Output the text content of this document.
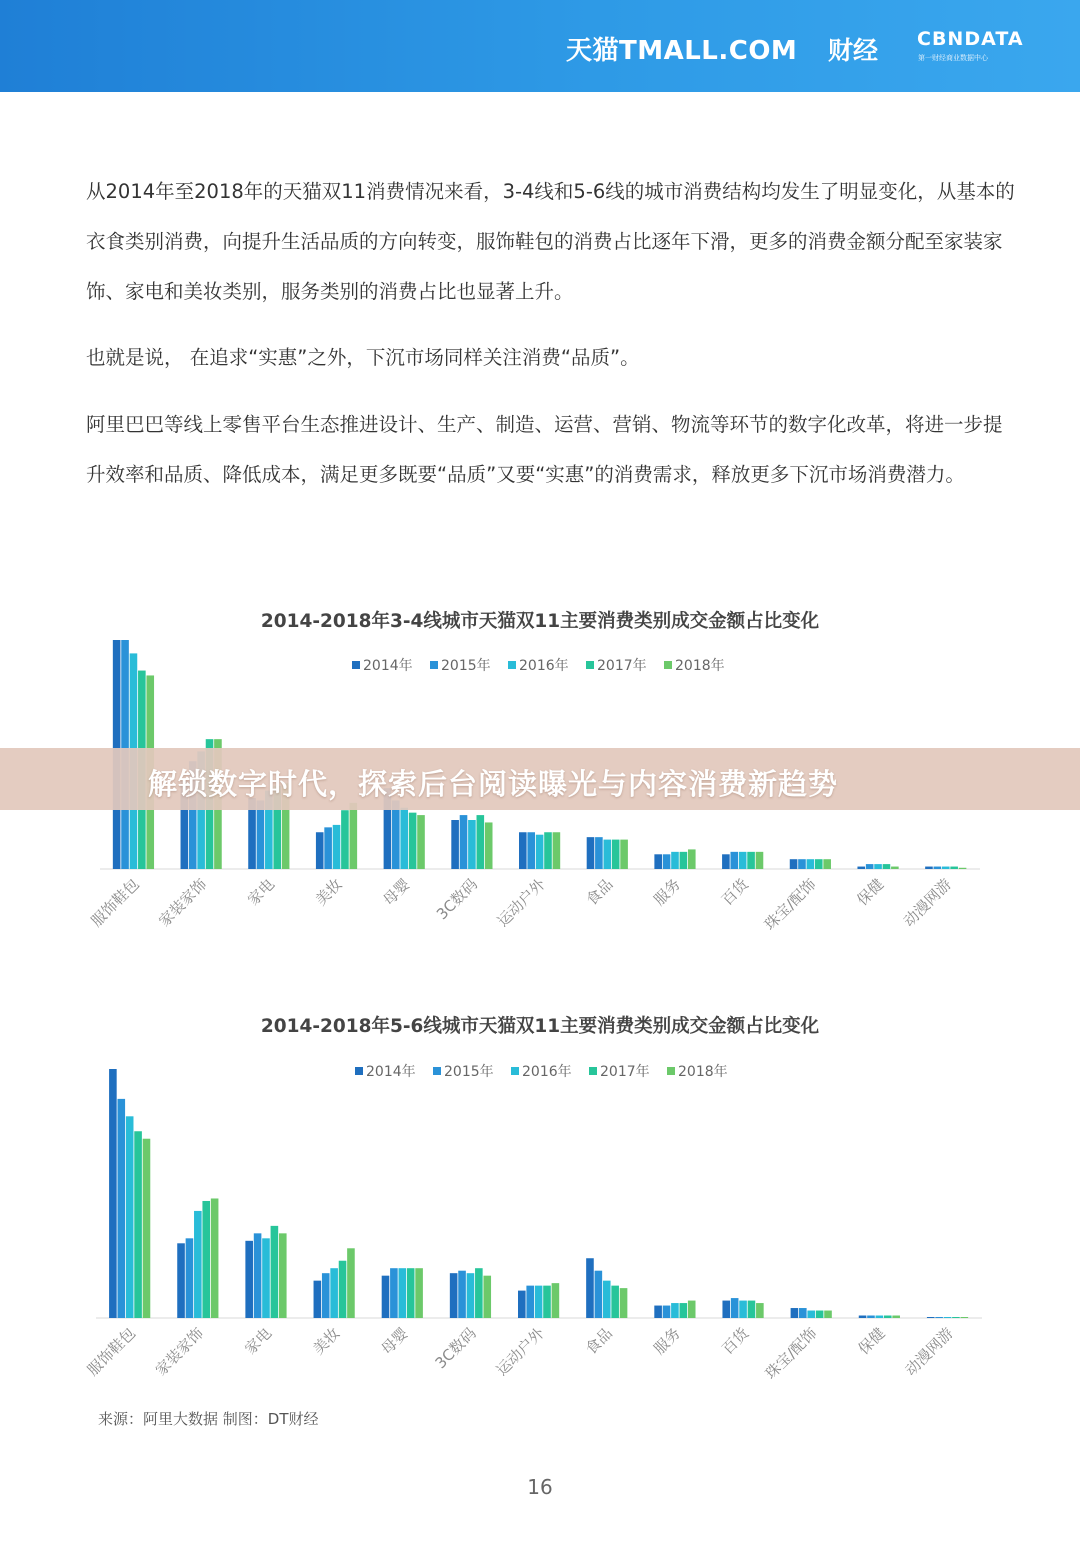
天猫TMALL.COM 财经 CBNDATA
第一财经商业数据中心

从2014年至2018年的天猫双11消费情况来看，3-4线和5-6线的城市消费结构均发生了明显变化，从基本的衣食类别消费，向提升生活品质的方向转变，服饰鞋包的消费占比逐年下滑，更多的消费金额分配至家装家饰、家电和美妆类别，服务类别的消费占比也显著上升。

也就是说， 在追求“实惠”之外，下沉市场同样关注消费“品质”。

阿里巴巴等线上零售平台生态推进设计、生产、制造、运营、营销、物流等环节的数字化改革，将进一步提升效率和品质、降低成本，满足更多既要“品质”又要“实惠”的消费需求，释放更多下沉市场消费潜力。

2014-2018年3-4线城市天猫双11主要消费类别成交金额占比变化
2014年 2015年 2016年 2017年 2018年
服饰鞋包 家装家饰 家电 美妆 母婴 3C数码 运动户外 食品 服务 百货 珠宝/配饰 保健 动漫网游
2014-2018年5-6线城市天猫双11主要消费类别成交金额占比变化
2014年 2015年 2016年 2017年 2018年
服饰鞋包 家装家饰 家电 美妆 母婴 3C数码 运动户外 食品 服务 百货 珠宝/配饰 保健 动漫网游
解锁数字时代，探索后台阅读曝光与内容消费新趋势
来源：阿里大数据 制图：DT财经
16
